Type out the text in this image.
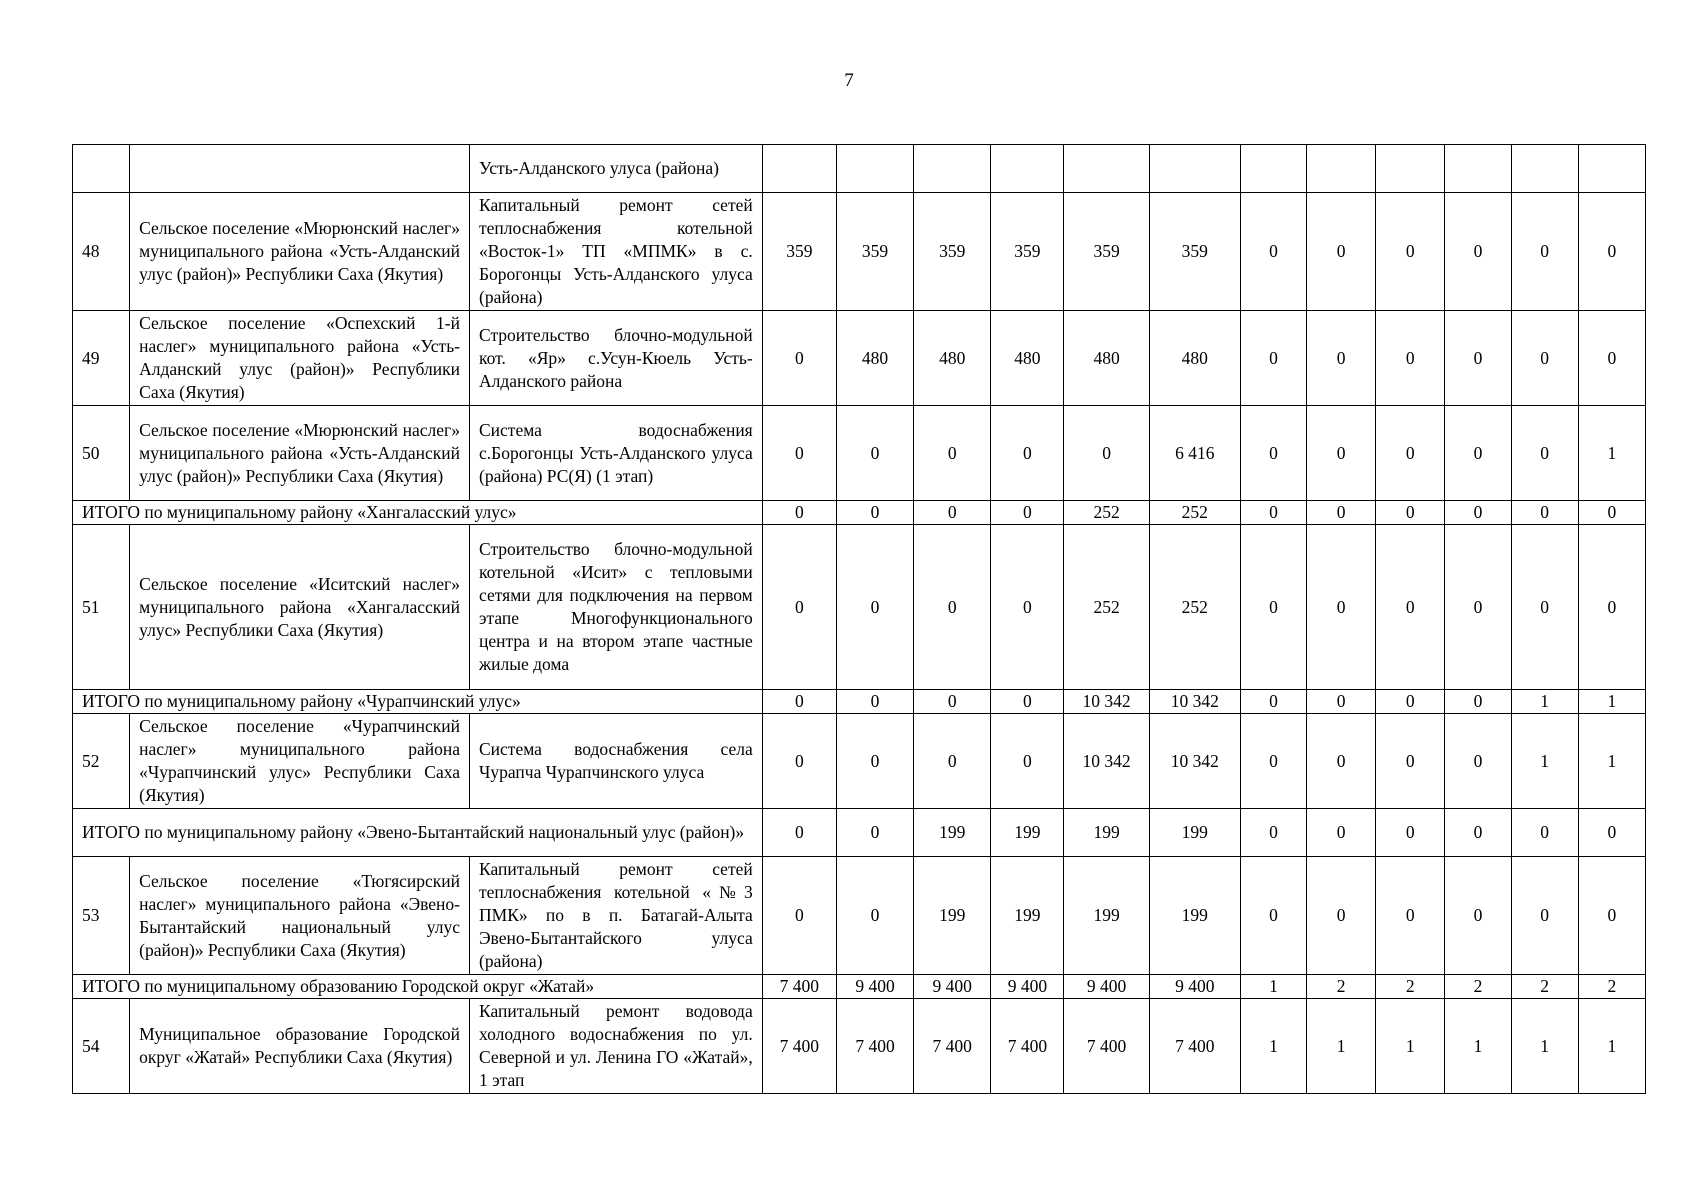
7
		Усть-Алданского улуса (района)												
48	Сельское поселение «Мюрюнский наслег» муниципального района «Усть-Алданский улус (район)» Республики Саха (Якутия)	Капитальный ремонт сетей теплоснабжения котельной «Восток-1» ТП «МПМК» в с. Борогонцы Усть-Алданского улуса (района)	359	359	359	359	359	359	0	0	0	0	0	0
49	Сельское поселение «Оспехский 1-й наслег» муниципального района «Усть-Алданский улус (район)» Республики Саха (Якутия)	Строительство блочно-модульной кот. «Яр» с.Усун-Кюель Усть-Алданского района	0	480	480	480	480	480	0	0	0	0	0	0
50	Сельское поселение «Мюрюнский наслег» муниципального района «Усть-Алданский улус (район)» Республики Саха (Якутия)	Система водоснабжения с.Борогонцы Усть-Алданского улуса (района) РС(Я) (1 этап)	0	0	0	0	0	6 416	0	0	0	0	0	1
ИТОГО по муниципальному району «Хангаласский улус»			0	0	0	0	252	252	0	0	0	0	0	0
51	Сельское поселение «Иситский наслег» муниципального района «Хангаласский улус» Республики Саха (Якутия)	Строительство блочно-модульной котельной «Исит» с тепловыми сетями для подключения на первом этапе Многофункционального центра и на втором этапе частные жилые дома	0	0	0	0	252	252	0	0	0	0	0	0
ИТОГО по муниципальному району «Чурапчинский улус»			0	0	0	0	10 342	10 342	0	0	0	0	1	1
52	Сельское поселение «Чурапчинский наслег» муниципального района «Чурапчинский улус» Республики Саха (Якутия)	Система водоснабжения села Чурапча Чурапчинского улуса	0	0	0	0	10 342	10 342	0	0	0	0	1	1
ИТОГО по муниципальному району «Эвено-Бытантайский национальный улус (район)»			0	0	199	199	199	199	0	0	0	0	0	0
53	Сельское поселение «Тюгясирский наслег» муниципального района «Эвено-Бытантайский национальный улус (район)» Республики Саха (Якутия)	Капитальный ремонт сетей теплоснабжения котельной «№3 ПМК» по в п. Батагай-Алыта Эвено-Бытантайского улуса (района)	0	0	199	199	199	199	0	0	0	0	0	0
ИТОГО по муниципальному образованию Городской округ «Жатай»			7 400	9 400	9 400	9 400	9 400	9 400	1	2	2	2	2	2
54	Муниципальное образование Городской округ «Жатай» Республики Саха (Якутия)	Капитальный ремонт водовода холодного водоснабжения по ул. Северной и ул. Ленина ГО «Жатай», 1 этап	7 400	7 400	7 400	7 400	7 400	7 400	1	1	1	1	1	1
